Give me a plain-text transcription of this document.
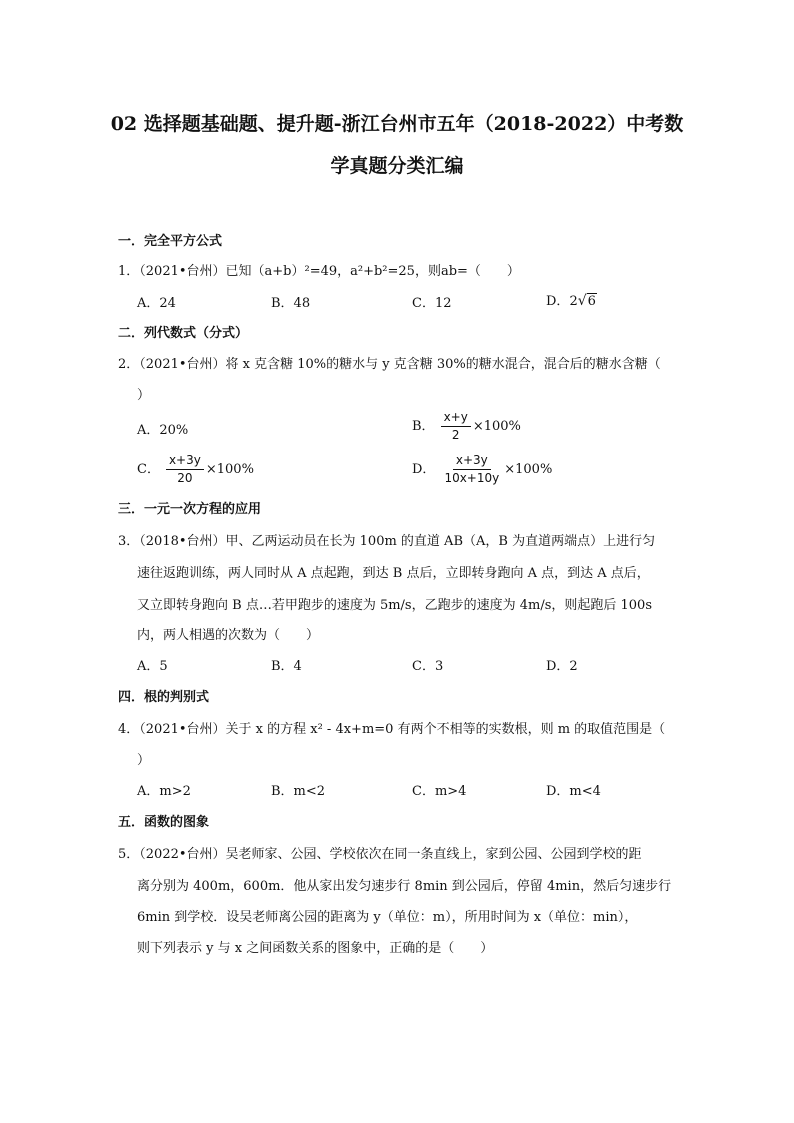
02 选择题基础题、提升题-浙江台州市五年（2018-2022）中考数
学真题分类汇编

一．完全平方公式

1．（2021•台州）已知（a+b）²=49，a²+b²=25，则ab=（　　）

A．24	B．48	C．12	D．2√6

二．列代数式（分式）

2．（2021•台州）将 x 克含糖 10%的糖水与 y 克含糖 30%的糖水混合，混合后的糖水含糖（

）

A．20%	B． $\frac{x+y}{2} \times 100\%$
C． $\frac{x+3y}{20} \times 100\%$	D． $\frac{x+3y}{10x+10y} \times 100\%$

三．一元一次方程的应用

3．（2018•台州）甲、乙两运动员在长为 100m 的直道 AB（A，B 为直道两端点）上进行匀

速往返跑训练，两人同时从 A 点起跑，到达 B 点后，立即转身跑向 A 点，到达 A 点后，

又立即转身跑向 B 点…若甲跑步的速度为 5m/s，乙跑步的速度为 4m/s，则起跑后 100s

内，两人相遇的次数为（　　）

A．5	B．4	C．3	D．2

四．根的判别式

4．（2021•台州）关于 x 的方程 x² - 4x+m=0 有两个不相等的实数根，则 m 的取值范围是（

）

A．m>2	B．m<2	C．m>4	D．m<4

五．函数的图象

5．（2022•台州）吴老师家、公园、学校依次在同一条直线上，家到公园、公园到学校的距

离分别为 400m，600m．他从家出发匀速步行 8min 到公园后，停留 4min，然后匀速步行

6min 到学校．设吴老师离公园的距离为 y（单位：m），所用时间为 x（单位：min），

则下列表示 y 与 x 之间函数关系的图象中，正确的是（　　）
